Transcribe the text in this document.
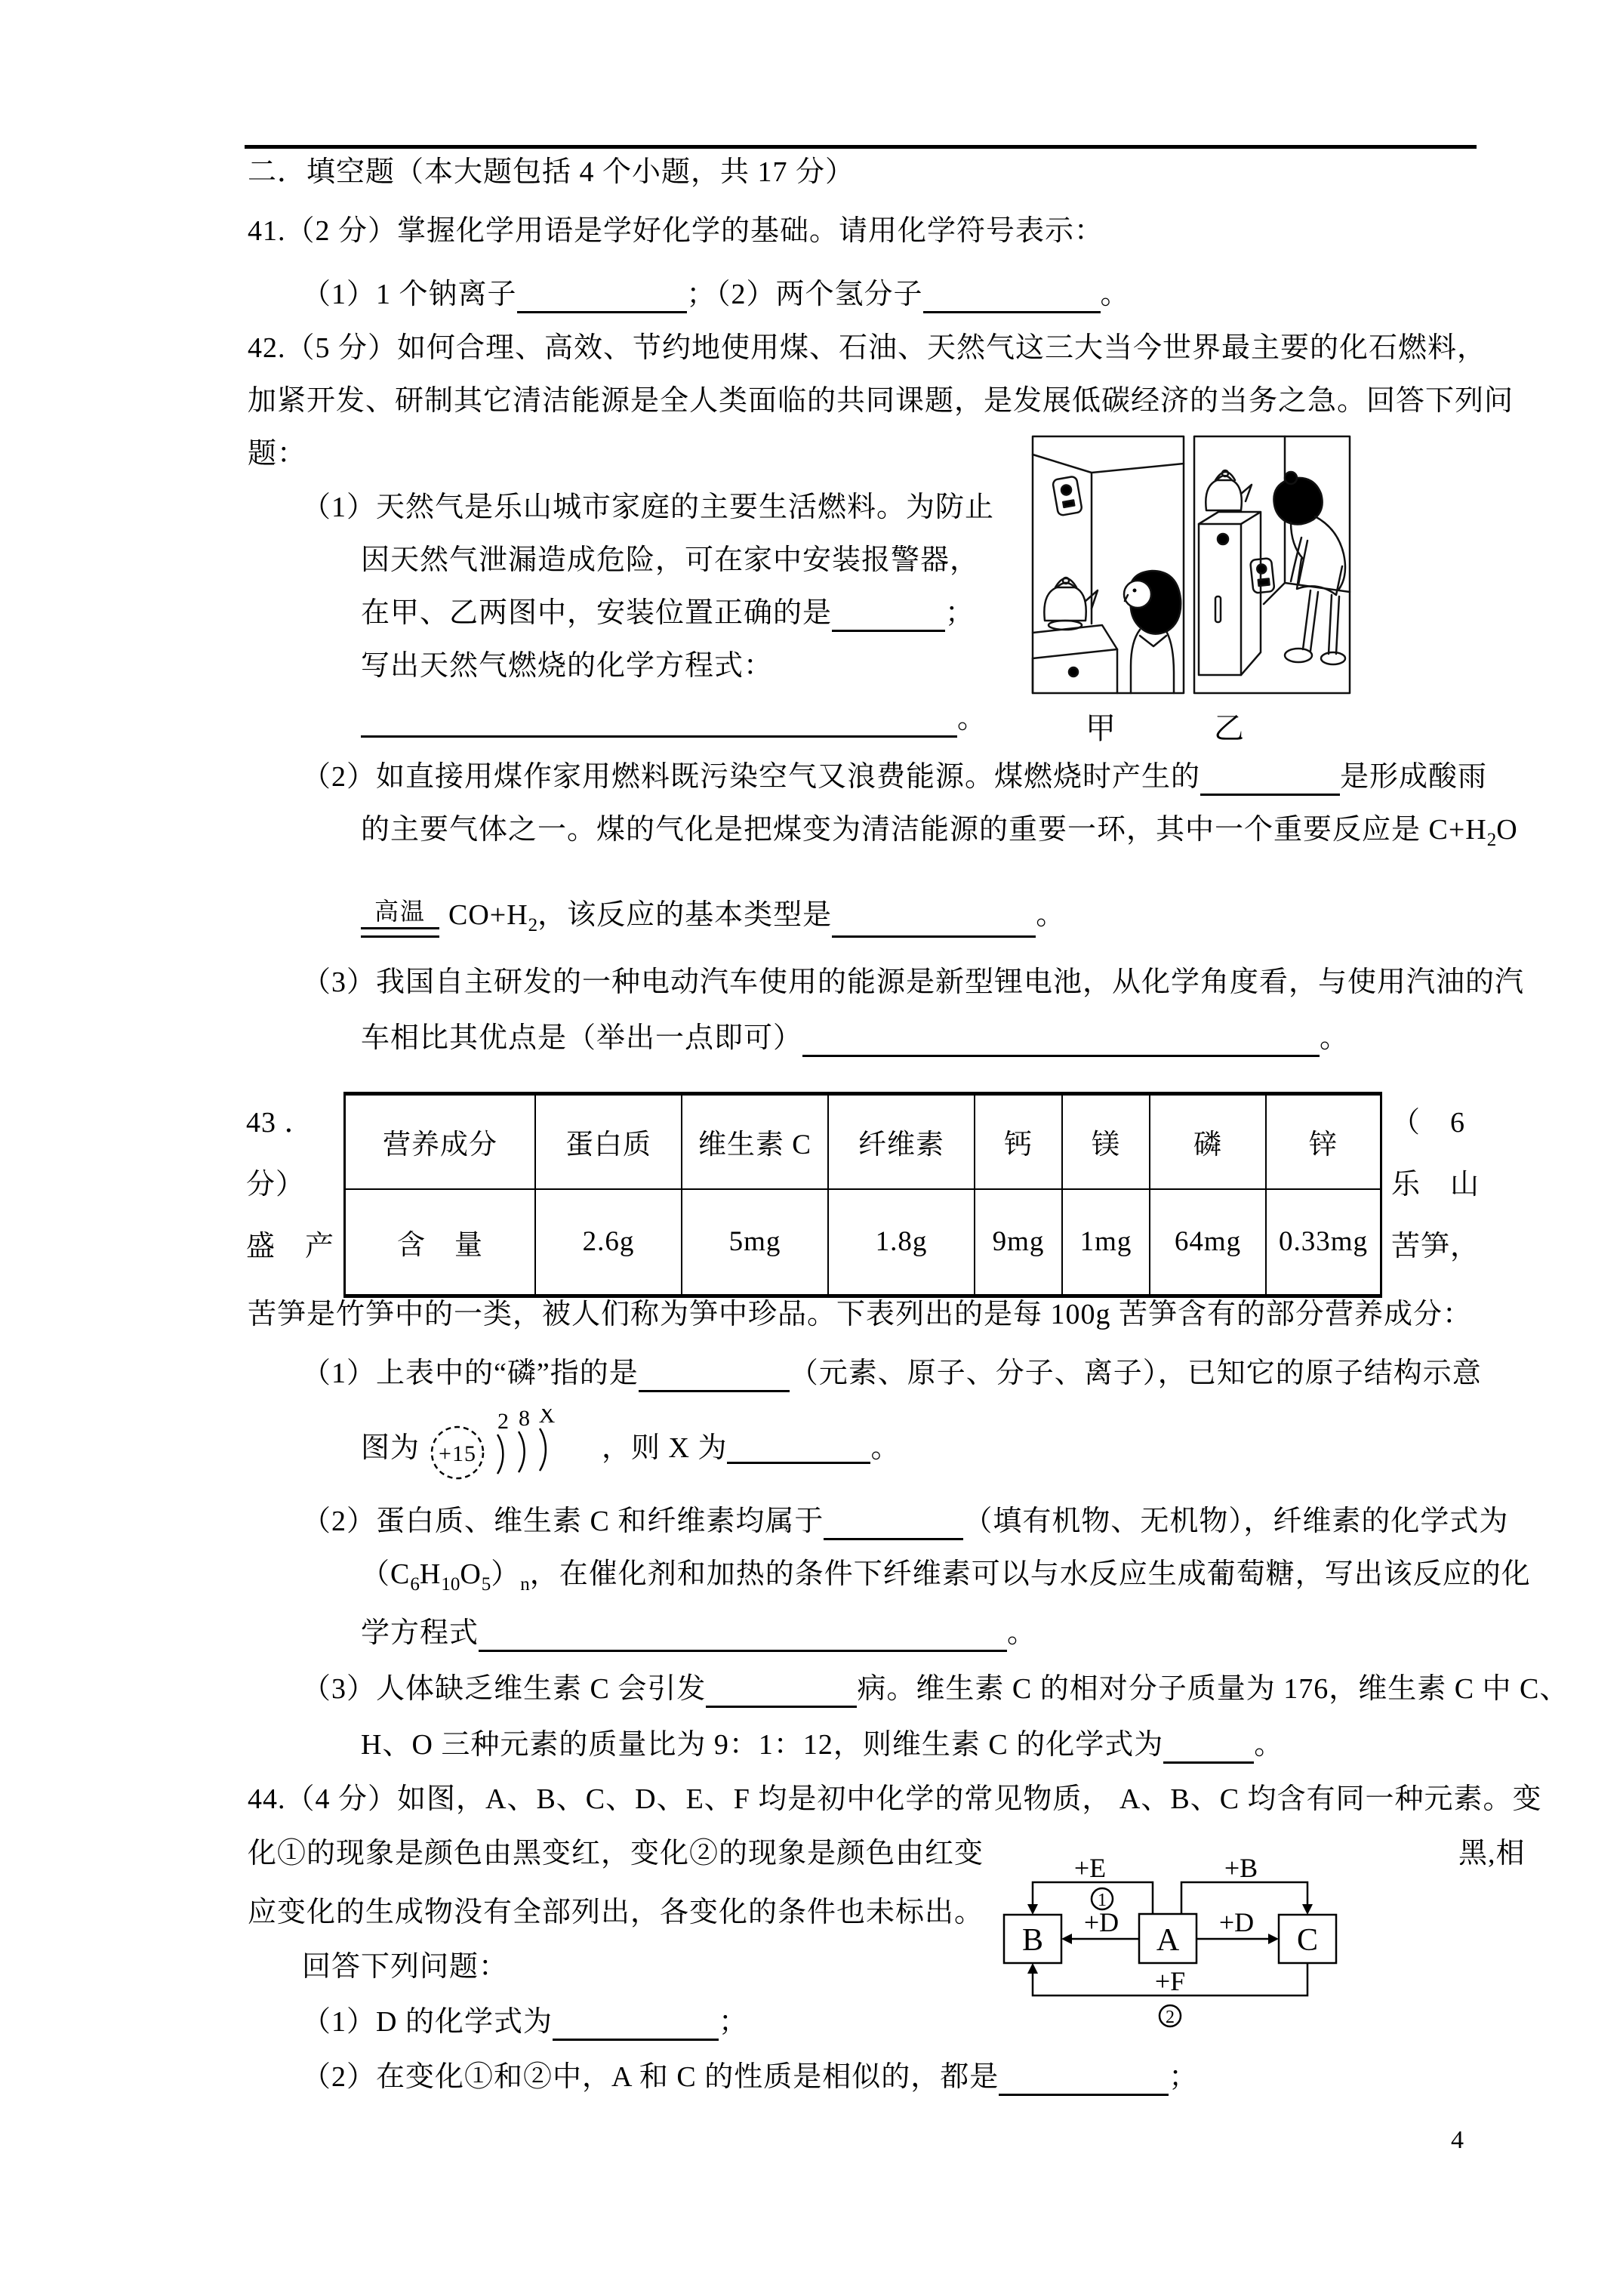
二．填空题（本大题包括 4 个小题，共 17 分）
41.（2 分）掌握化学用语是学好化学的基础。请用化学符号表示：
（1）1 个钠离子	；（2）两个氢分子	。
42.（5 分）如何合理、高效、节约地使用煤、石油、天然气这三大当今世界最主要的化石燃料，
加紧开发、研制其它清洁能源是全人类面临的共同课题，是发展低碳经济的当务之急。回答下列问
题：
甲	乙
（1）天然气是乐山城市家庭的主要生活燃料。为防止
因天然气泄漏造成危险，可在家中安装报警器，
在甲、乙两图中，安装位置正确的是	；
写出天然气燃烧的化学方程式：
。
（2）如直接用煤作家用燃料既污染空气又浪费能源。煤燃烧时产生的	是形成酸雨
的主要气体之一。煤的气化是把煤变为清洁能源的重要一环，其中一个重要反应是 $C+H_2O$
高温 $CO+H_2$，该反应的基本类型是	。
（3）我国自主研发的一种电动汽车使用的能源是新型锂电池，从化学角度看，与使用汽油的汽
车相比其优点是（举出一点即可）	。
43 ．
分）
盛　产
（　6
乐　山
苦笋，
营养成分	蛋白质	维生素 C	纤维素	钙	镁	磷	锌
含　量	2.6g	5mg	1.8g	9mg	1mg	64mg	0.33mg
苦笋是竹笋中的一类，被人们称为笋中珍品。下表列出的是每 100g 苦笋含有的部分营养成分：
（1）上表中的“磷”指的是	（元素、原子、分子、离子），已知它的原子结构示意
图为 +15
2 8 X
，则 X 为	。
（2）蛋白质、维生素 C 和纤维素均属于	（填有机物、无机物），纤维素的化学式为
$(C_6H_{10}O_5)_n$，在催化剂和加热的条件下纤维素可以与水反应生成葡萄糖，写出该反应的化
学方程式	。
（3）人体缺乏维生素 C 会引发	病。维生素 C 的相对分子质量为 176，维生素 C 中 C、
H、O 三种元素的质量比为 9：1：12，则维生素 C 的化学式为	。
44.（4 分）如图，A、B、C、D、E、F 均是初中化学的常见物质， A、B、C 均含有同一种元素。变
化①的现象是颜色由黑变红，变化②的现象是颜色由红变	黑,相
应变化的生成物没有全部列出，各变化的条件也未标出。
回答下列问题：
（1）D 的化学式为	；
（2）在变化①和②中，A 和 C 的性质是相似的，都是	；
B	A	C
+E	+B
+D	+D
+F
1
2
4
